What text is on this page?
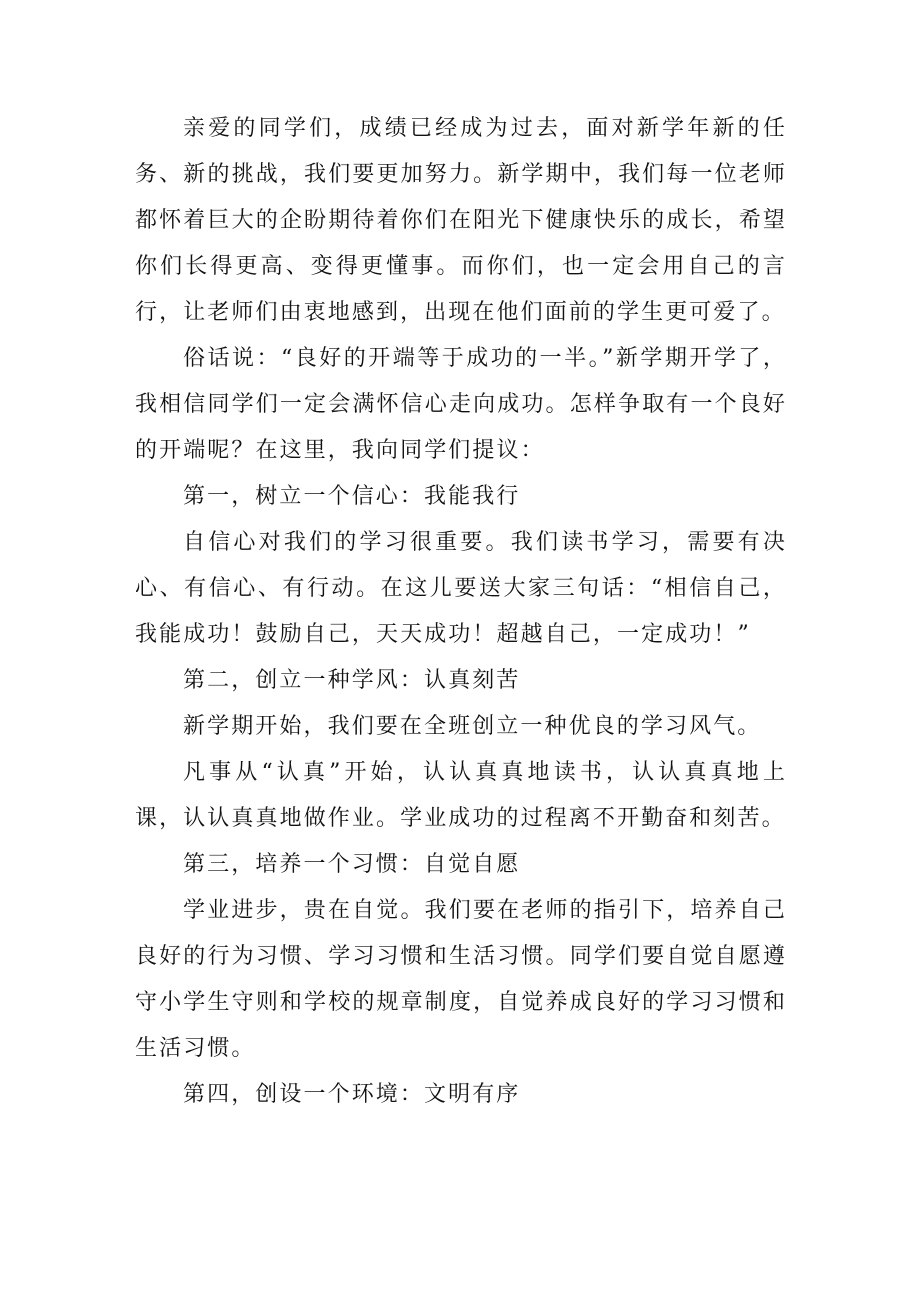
亲爱的同学们，成绩已经成为过去，面对新学年新的任务、新的挑战，我们要更加努力。新学期中，我们每一位老师都怀着巨大的企盼期待着你们在阳光下健康快乐的成长，希望你们长得更高、变得更懂事。而你们，也一定会用自己的言行，让老师们由衷地感到，出现在他们面前的学生更可爱了。

俗话说：“良好的开端等于成功的一半。”新学期开学了，我相信同学们一定会满怀信心走向成功。怎样争取有一个良好的开端呢？在这里，我向同学们提议：

第一，树立一个信心：我能我行

自信心对我们的学习很重要。我们读书学习，需要有决心、有信心、有行动。在这儿要送大家三句话：“相信自己，我能成功！鼓励自己，天天成功！超越自己，一定成功！”

第二，创立一种学风：认真刻苦

新学期开始，我们要在全班创立一种优良的学习风气。

凡事从“认真”开始，认认真真地读书，认认真真地上课，认认真真地做作业。学业成功的过程离不开勤奋和刻苦。

第三，培养一个习惯：自觉自愿

学业进步，贵在自觉。我们要在老师的指引下，培养自己良好的行为习惯、学习习惯和生活习惯。同学们要自觉自愿遵守小学生守则和学校的规章制度，自觉养成良好的学习习惯和生活习惯。

第四，创设一个环境：文明有序
